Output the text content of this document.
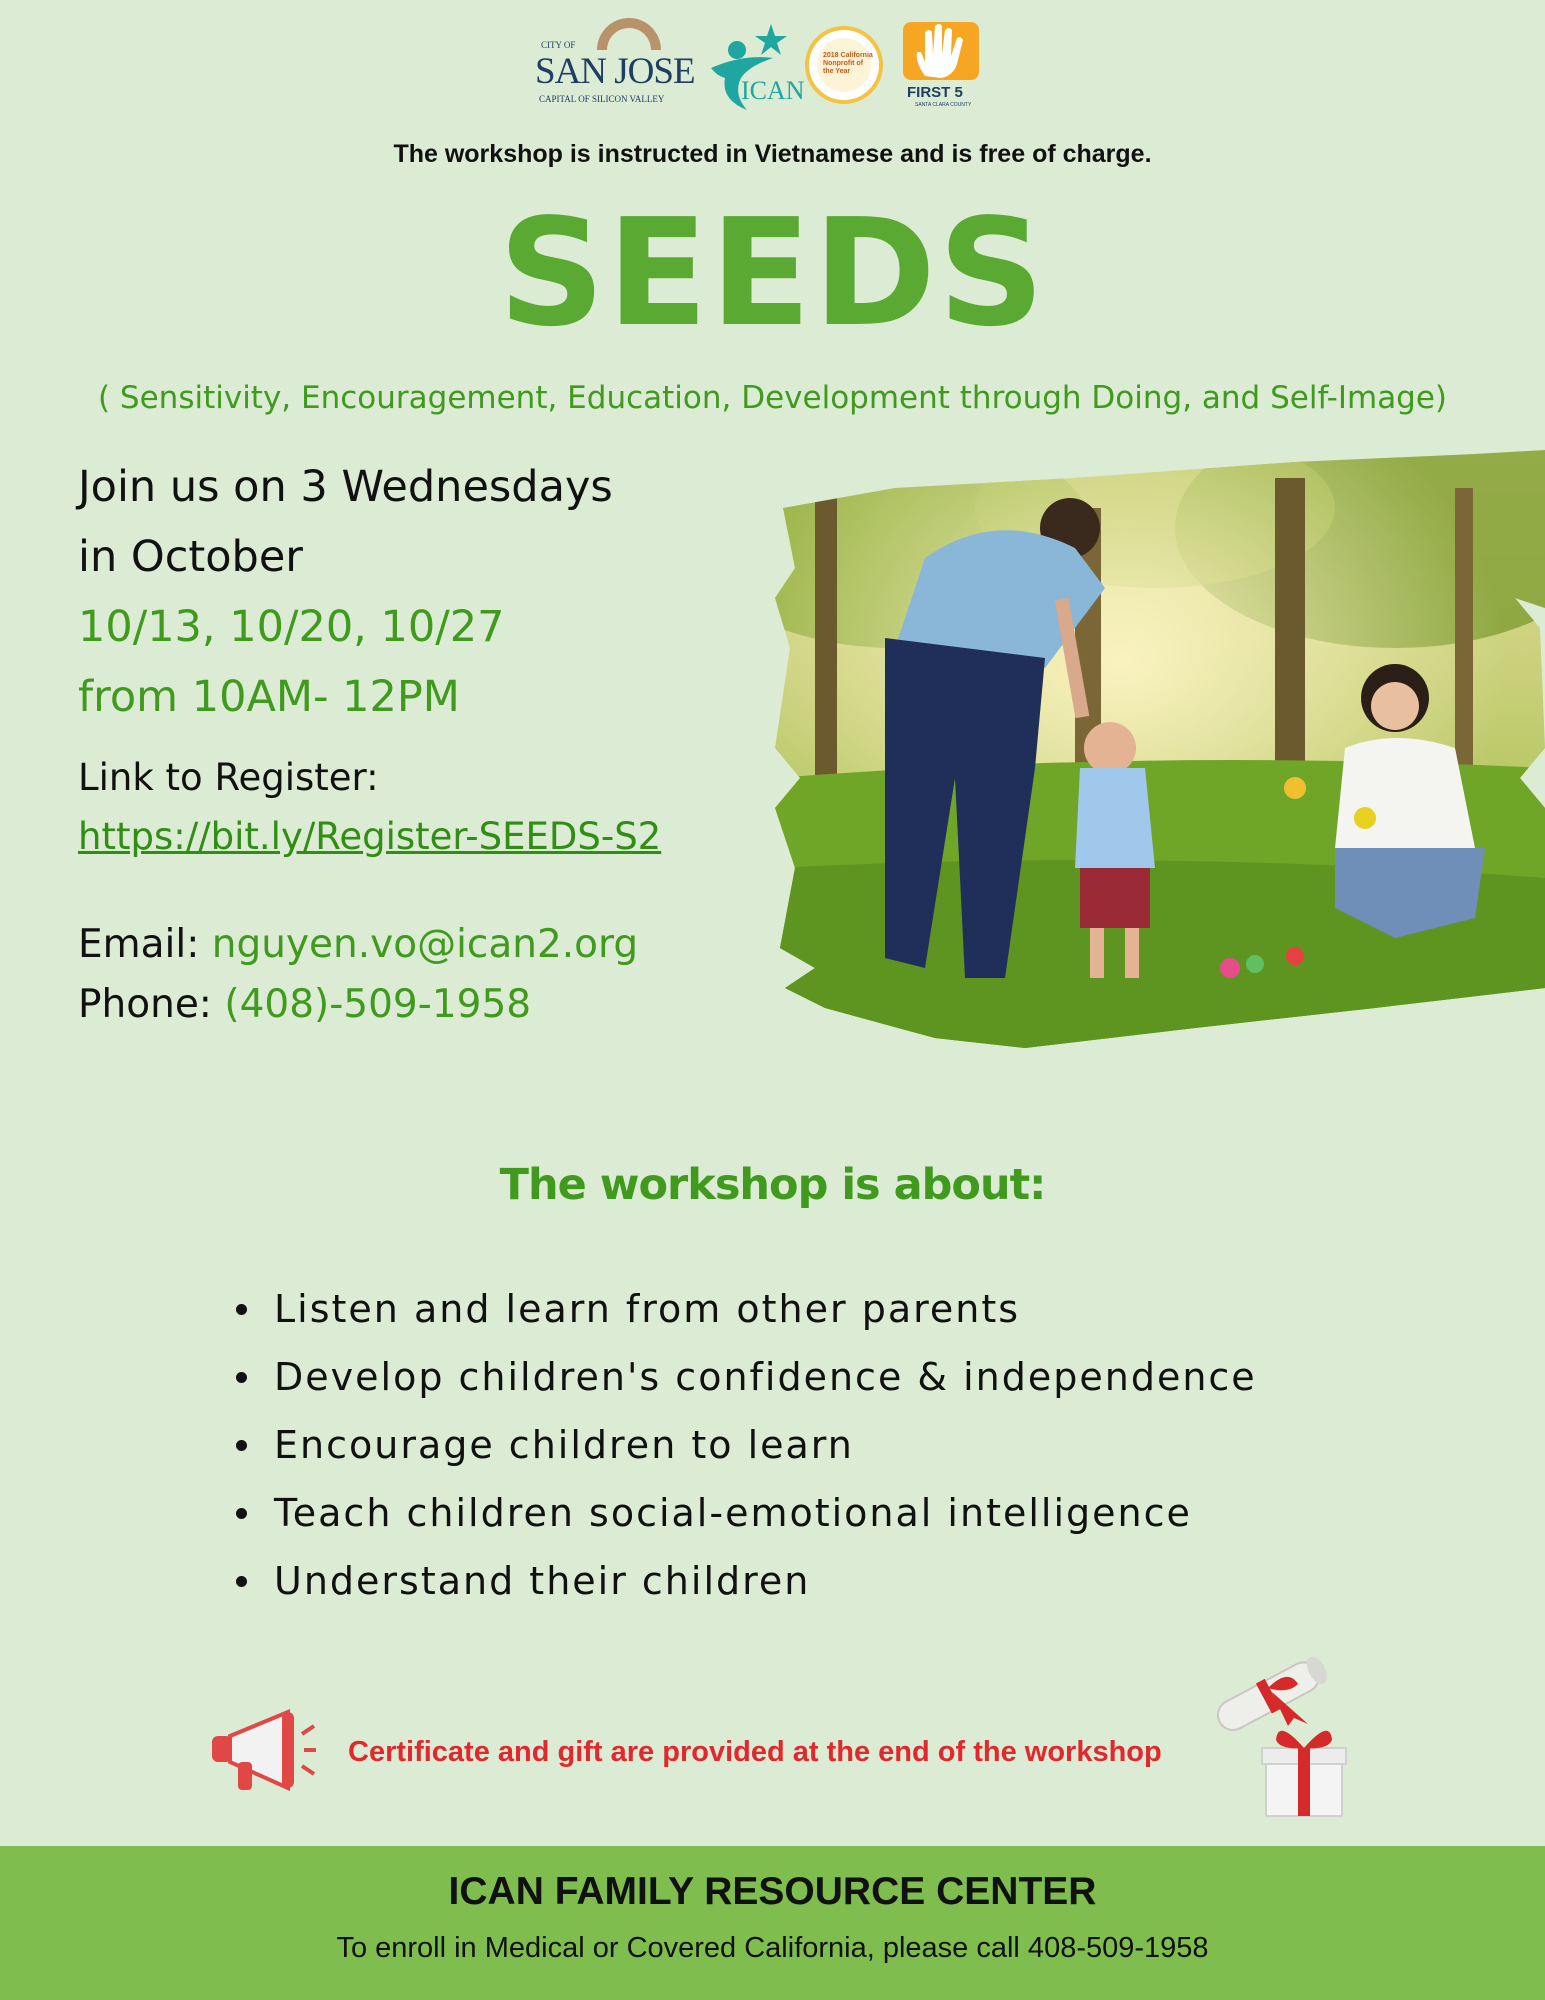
CITY OF
SAN JOSE
CAPITAL OF SILICON VALLEY	ICAN
2018 California Nonprofit of the Year
FIRST 5
SANTA CLARA COUNTY
The workshop is instructed in Vietnamese and is free of charge.
SEEDS
( Sensitivity, Encouragement, Education, Development through Doing, and Self-Image)
Join us on 3 Wednesdays
in October
10/13, 10/20, 10/27
from 10AM- 12PM
Link to Register:
https://bit.ly/Register-SEEDS-S2
Email: nguyen.vo@ican2.org
Phone: (408)-509-1958
The workshop is about:
Listen and learn from other parents
Develop children's confidence & independence
Encourage children to learn
Teach children social-emotional intelligence
Understand their children
Certificate and gift are provided at the end of the workshop
ICAN FAMILY RESOURCE CENTER
To enroll in Medical or Covered California, please call 408-509-1958
